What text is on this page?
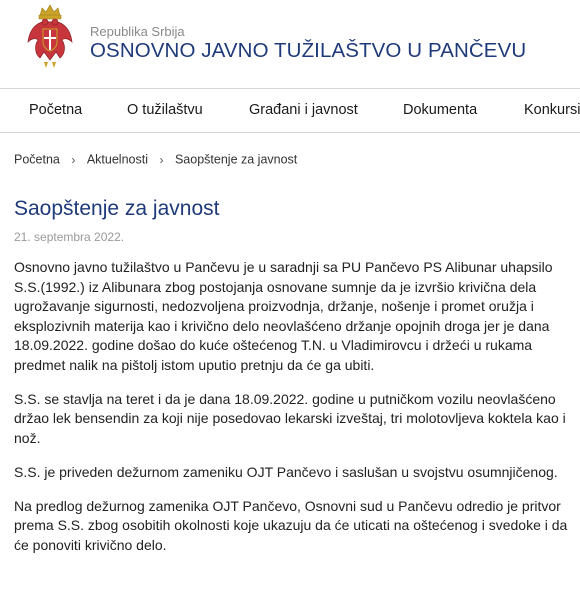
Republika Srbija
OSNOVNO JAVNO TUŽILAŠTVO U PANČEVU
Početna	O tužilaštvu	Građani i javnost	Dokumenta	Konkursi
Početna › Aktuelnosti › Saopštenje za javnost
Saopštenje za javnost
21. septembra 2022.

Osnovno javno tužilaštvo u Pančevu je u saradnji sa PU Pančevo PS Alibunar uhapsilo S.S.(1992.) iz Alibunara zbog postojanja osnovane sumnje da je izvršio krivična dela ugrožavanje sigurnosti, nedozvoljena proizvodnja, držanje, nošenje i promet oružja i eksplozivnih materija kao i krivično delo neovlašćeno držanje opojnih droga jer je dana 18.09.2022. godine došao do kuće oštećenog T.N. u Vladimirovcu i držeći u rukama predmet nalik na pištolj istom uputio pretnju da će ga ubiti.

S.S. se stavlja na teret i da je dana 18.09.2022. godine u putničkom vozilu neovlašćeno držao lek bensendin za koji nije posedovao lekarski izveštaj, tri molotovljeva koktela kao i nož.

S.S. je priveden dežurnom zameniku OJT Pančevo i saslušan u svojstvu osumnjičenog.

Na predlog dežurnog zamenika OJT Pančevo, Osnovni sud u Pančevu odredio je pritvor prema S.S. zbog osobitih okolnosti koje ukazuju da će uticati na oštećenog i svedoke i da će ponoviti krivično delo.
